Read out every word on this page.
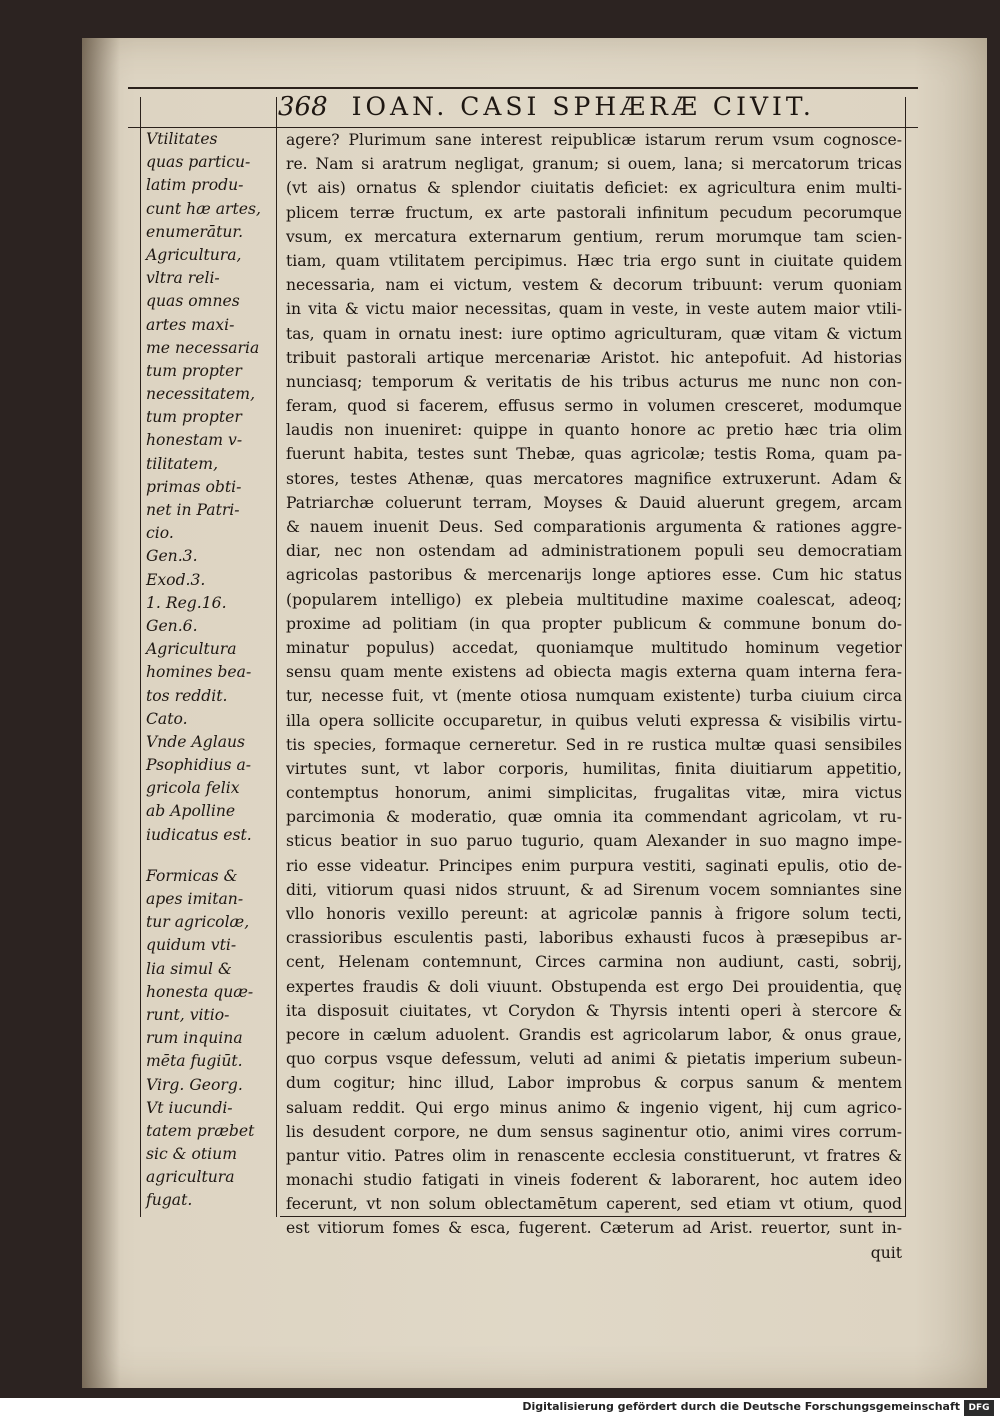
368 IOAN. CASI SPHÆRÆ CIVIT.
Vtilitates
quas particu-
latim produ-
cunt hæ artes,
enumerātur.
Agricultura,
vltra reli-
quas omnes
artes maxi-
me necessaria
tum propter
necessitatem,
tum propter
honestam v-
tilitatem,
primas obti-
net in Patri-
cio.
Gen.3.
Exod.3.
1. Reg.16.
Gen.6.
Agricultura
homines bea-
tos reddit.
Cato.
Vnde Aglaus
Psophidius a-
gricola felix
ab Apolline
iudicatus est.
Formicas &
apes imitan-
tur agricolæ,
quidum vti-
lia simul &
honesta quæ-
runt, vitio-
rum inquina
mēta fugiūt.
Virg. Georg.
Vt iucundi-
tatem præbet
sic & otium
agricultura
fugat.
agere? Plurimum sane interest reipublicæ istarum rerum vsum cognosce-
re. Nam si aratrum negligat, granum; si ouem, lana; si mercatorum tricas
(vt ais) ornatus & splendor ciuitatis deficiet: ex agricultura enim multi-
plicem terræ fructum, ex arte pastorali infinitum pecudum pecorumque
vsum, ex mercatura externarum gentium, rerum morumque tam scien-
tiam, quam vtilitatem percipimus. Hæc tria ergo sunt in ciuitate quidem
necessaria, nam ei victum, vestem & decorum tribuunt: verum quoniam
in vita & victu maior necessitas, quam in veste, in veste autem maior vtili-
tas, quam in ornatu inest: iure optimo agriculturam, quæ vitam & victum
tribuit pastorali artique mercenariæ Aristot. hic antepofuit. Ad historias
nunciasq; temporum & veritatis de his tribus acturus me nunc non con-
feram, quod si facerem, effusus sermo in volumen cresceret, modumque
laudis non inueniret: quippe in quanto honore ac pretio hæc tria olim
fuerunt habita, testes sunt Thebæ, quas agricolæ; testis Roma, quam pa-
stores, testes Athenæ, quas mercatores magnifice extruxerunt. Adam &
Patriarchæ coluerunt terram, Moyses & Dauid aluerunt gregem, arcam
& nauem inuenit Deus. Sed comparationis argumenta & rationes aggre-
diar, nec non ostendam ad administrationem populi seu democratiam
agricolas pastoribus & mercenarijs longe aptiores esse. Cum hic status
(popularem intelligo) ex plebeia multitudine maxime coalescat, adeoq;
proxime ad politiam (in qua propter publicum & commune bonum do-
minatur populus) accedat, quoniamque multitudo hominum vegetior
sensu quam mente existens ad obiecta magis externa quam interna fera-
tur, necesse fuit, vt (mente otiosa numquam existente) turba ciuium circa
illa opera sollicite occuparetur, in quibus veluti expressa & visibilis virtu-
tis species, formaque cerneretur. Sed in re rustica multæ quasi sensibiles
virtutes sunt, vt labor corporis, humilitas, finita diuitiarum appetitio,
contemptus honorum, animi simplicitas, frugalitas vitæ, mira victus
parcimonia & moderatio, quæ omnia ita commendant agricolam, vt ru-
sticus beatior in suo paruo tugurio, quam Alexander in suo magno impe-
rio esse videatur. Principes enim purpura vestiti, saginati epulis, otio de-
diti, vitiorum quasi nidos struunt, & ad Sirenum vocem somniantes sine
vllo honoris vexillo pereunt: at agricolæ pannis à frigore solum tecti,
crassioribus esculentis pasti, laboribus exhausti fucos à præsepibus ar-
cent, Helenam contemnunt, Circes carmina non audiunt, casti, sobrij,
expertes fraudis & doli viuunt. Obstupenda est ergo Dei prouidentia, quę
ita disposuit ciuitates, vt Corydon & Thyrsis intenti operi à stercore &
pecore in cælum aduolent. Grandis est agricolarum labor, & onus graue,
quo corpus vsque defessum, veluti ad animi & pietatis imperium subeun-
dum cogitur; hinc illud, Labor improbus & corpus sanum & mentem
saluam reddit. Qui ergo minus animo & ingenio vigent, hij cum agrico-
lis desudent corpore, ne dum sensus saginentur otio, animi vires corrum-
pantur vitio. Patres olim in renascente ecclesia constituerunt, vt fratres &
monachi studio fatigati in vineis foderent & laborarent, hoc autem ideo
fecerunt, vt non solum oblectamētum caperent, sed etiam vt otium, quod
est vitiorum fomes & esca, fugerent. Cæterum ad Arist. reuertor, sunt in-
quit
Digitalisierung gefördert durch die Deutsche Forschungsgemeinschaft DFG
